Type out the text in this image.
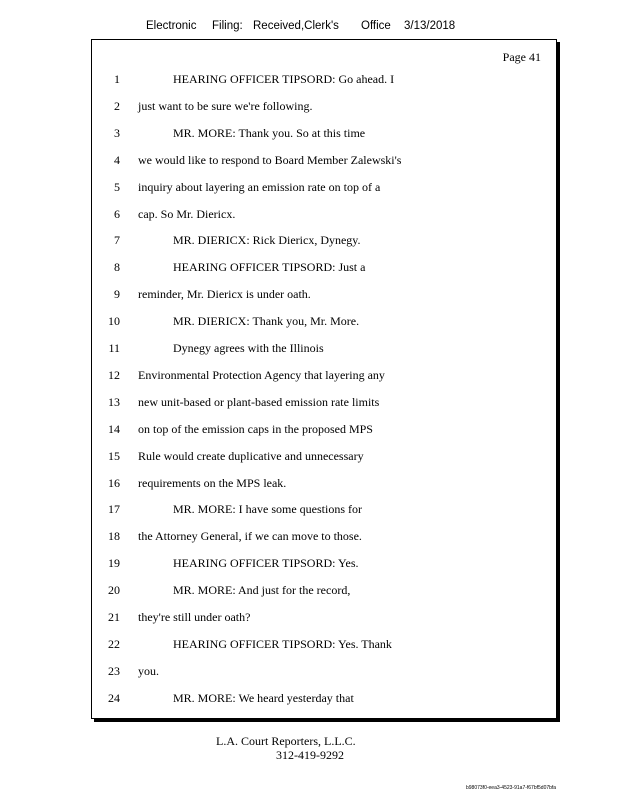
Electronic Filing: Received,Clerk's Office 3/13/2018
Page 41
1	HEARING OFFICER TIPSORD: Go ahead. I
2 just want to be sure we're following.
3	MR. MORE: Thank you. So at this time
4 we would like to respond to Board Member Zalewski's
5 inquiry about layering an emission rate on top of a
6 cap. So Mr. Diericx.
7	MR. DIERICX: Rick Diericx, Dynegy.
8	HEARING OFFICER TIPSORD: Just a
9 reminder, Mr. Diericx is under oath.
10	MR. DIERICX: Thank you, Mr. More.
11	Dynegy agrees with the Illinois
12 Environmental Protection Agency that layering any
13 new unit-based or plant-based emission rate limits
14 on top of the emission caps in the proposed MPS
15 Rule would create duplicative and unnecessary
16 requirements on the MPS leak.
17	MR. MORE: I have some questions for
18 the Attorney General, if we can move to those.
19	HEARING OFFICER TIPSORD: Yes.
20	MR. MORE: And just for the record,
21 they're still under oath?
22	HEARING OFFICER TIPSORD: Yes. Thank
23 you.
24	MR. MORE: We heard yesterday that
L.A. Court Reporters, L.L.C.
312-419-9292
b98073f0-eea3-4523-91a7-f67bf5d07bfa
